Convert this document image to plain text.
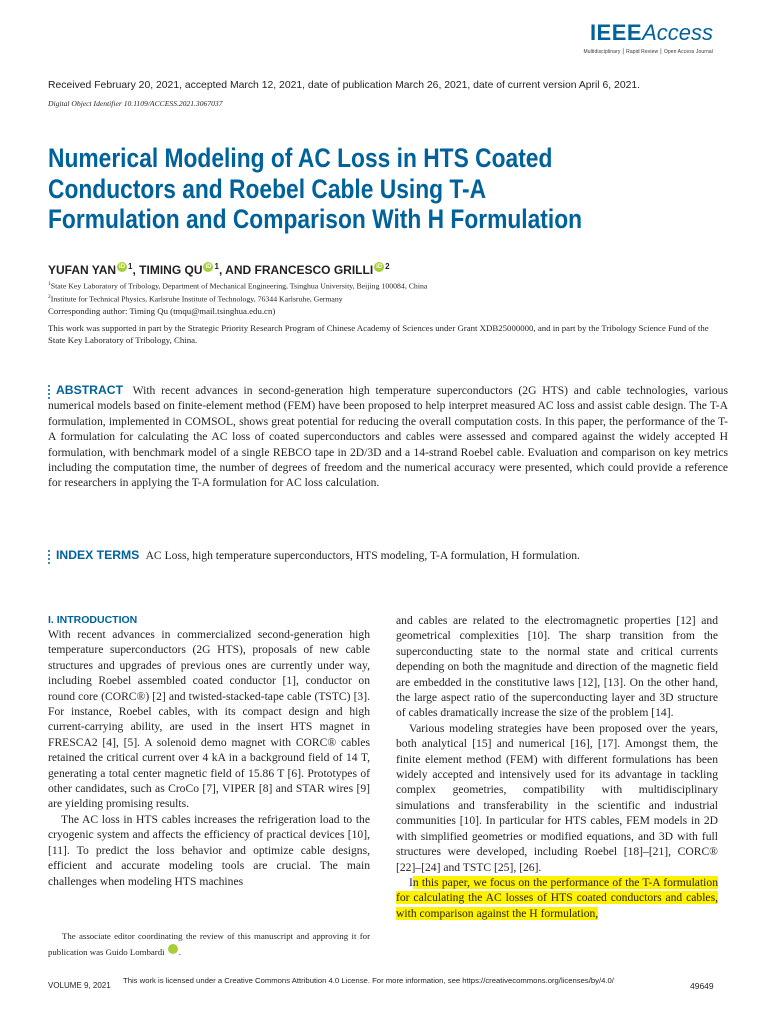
IEEEAccess
Multidisciplinary ⎮ Rapid Review ⎮ Open Access Journal
Received February 20, 2021, accepted March 12, 2021, date of publication March 26, 2021, date of current version April 6, 2021.
Digital Object Identifier 10.1109/ACCESS.2021.3067037
Numerical Modeling of AC Loss in HTS Coated
Conductors and Roebel Cable Using T-A
Formulation and Comparison With H Formulation
YUFAN YAN iD $^1$, TIMING QU iD $^1$, AND FRANCESCO GRILLI iD $^2$
$^1$State Key Laboratory of Tribology, Department of Mechanical Engineering, Tsinghua University, Beijing 100084, China
$^2$Institute for Technical Physics, Karlsruhe Institute of Technology, 76344 Karlsruhe, Germany
Corresponding author: Timing Qu (tmqu@mail.tsinghua.edu.cn)
This work was supported in part by the Strategic Priority Research Program of Chinese Academy of Sciences under Grant XDB25000000, and in part by the Tribology Science Fund of the State Key Laboratory of Tribology, China.
ABSTRACT With recent advances in second-generation high temperature superconductors (2G HTS) and cable technologies, various numerical models based on finite-element method (FEM) have been proposed to help interpret measured AC loss and assist cable design. The T-A formulation, implemented in COMSOL, shows great potential for reducing the overall computation costs. In this paper, the performance of the T-A formulation for calculating the AC loss of coated superconductors and cables were assessed and compared against the widely accepted H formulation, with benchmark model of a single REBCO tape in 2D/3D and a 14-strand Roebel cable. Evaluation and comparison on key metrics including the computation time, the number of degrees of freedom and the numerical accuracy were presented, which could provide a reference for researchers in applying the T-A formulation for AC loss calculation.
INDEX TERMS AC Loss, high temperature superconductors, HTS modeling, T-A formulation, H formulation.
I. INTRODUCTION

With recent advances in commercialized second-generation high temperature superconductors (2G HTS), proposals of new cable structures and upgrades of previous ones are currently under way, including Roebel assembled coated conductor [1], conductor on round core (CORC®) [2] and twisted-stacked-tape cable (TSTC) [3]. For instance, Roebel cables, with its compact design and high current-carrying ability, are used in the insert HTS magnet in FRESCA2 [4], [5]. A solenoid demo magnet with CORC® cables retained the critical current over 4 kA in a background field of 14 T, generating a total center magnetic field of 15.86 T [6]. Prototypes of other candidates, such as CroCo [7], VIPER [8] and STAR wires [9] are yielding promising results.

The AC loss in HTS cables increases the refrigeration load to the cryogenic system and affects the efficiency of practical devices [10], [11]. To predict the loss behavior and optimize cable designs, efficient and accurate modeling tools are crucial. The main challenges when modeling HTS machines

and cables are related to the electromagnetic properties [12] and geometrical complexities [10]. The sharp transition from the superconducting state to the normal state and critical currents depending on both the magnitude and direction of the magnetic field are embedded in the constitutive laws [12], [13]. On the other hand, the large aspect ratio of the superconducting layer and 3D structure of cables dramatically increase the size of the problem [14].

Various modeling strategies have been proposed over the years, both analytical [15] and numerical [16], [17]. Amongst them, the finite element method (FEM) with different formulations has been widely accepted and intensively used for its advantage in tackling complex geometries, compatibility with multidisciplinary simulations and transferability in the scientific and industrial communities [10]. In particular for HTS cables, FEM models in 2D with simplified geometries or modified equations, and 3D with full structures were developed, including Roebel [18]–[21], CORC® [22]–[24] and TSTC [25], [26].

In this paper, we focus on the performance of the T-A formulation for calculating the AC losses of HTS coated conductors and cables, with comparison against the H formulation,

The associate editor coordinating the review of this manuscript and approving it for publication was Guido Lombardi	iD.

VOLUME 9, 2021
This work is licensed under a Creative Commons Attribution 4.0 License. For more information, see https://creativecommons.org/licenses/by/4.0/
49649
